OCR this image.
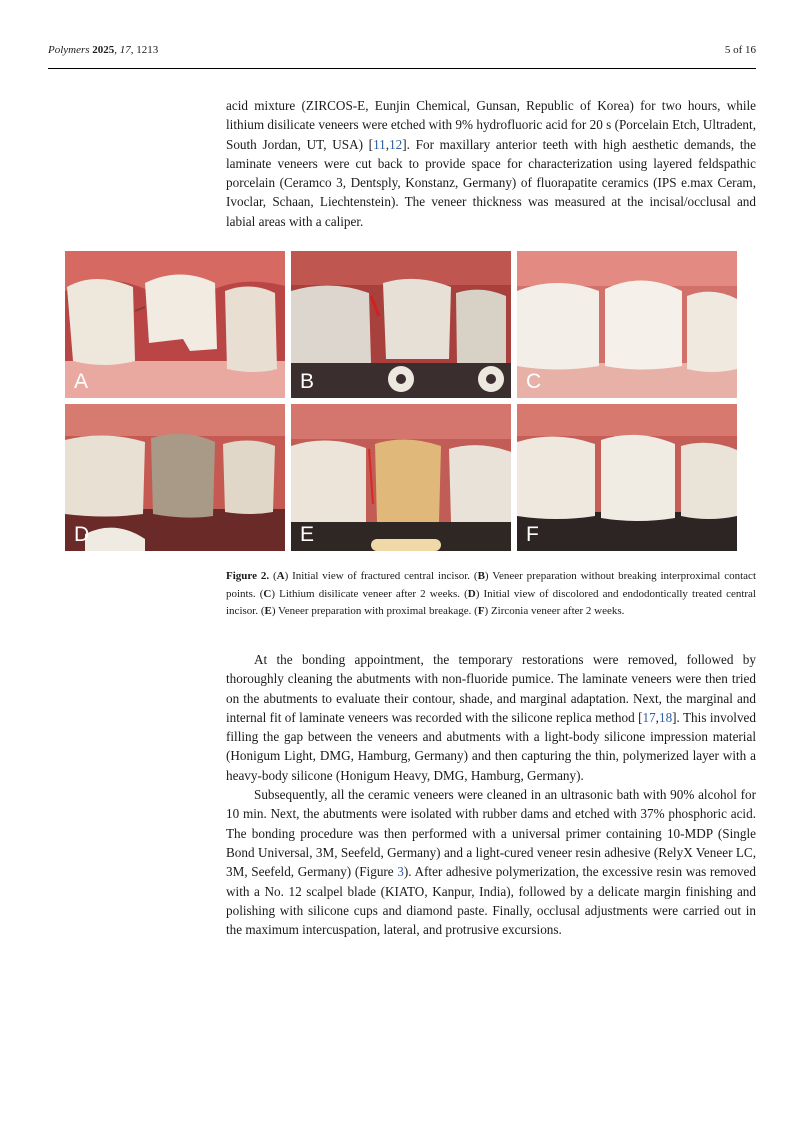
Polymers 2025, 17, 1213	5 of 16

acid mixture (ZIRCOS-E, Eunjin Chemical, Gunsan, Republic of Korea) for two hours, while lithium disilicate veneers were etched with 9% hydrofluoric acid for 20 s (Porcelain Etch, Ultradent, South Jordan, UT, USA) [11,12]. For maxillary anterior teeth with high aesthetic demands, the laminate veneers were cut back to provide space for characterization using layered feldspathic porcelain (Ceramco 3, Dentsply, Konstanz, Germany) of fluorapatite ceramics (IPS e.max Ceram, Ivoclar, Schaan, Liechtenstein). The veneer thickness was measured at the incisal/occlusal and labial areas with a caliper.

A	B	C
D	E	F
Figure 2. (A) Initial view of fractured central incisor. (B) Veneer preparation without breaking interproximal contact points. (C) Lithium disilicate veneer after 2 weeks. (D) Initial view of discolored and endodontically treated central incisor. (E) Veneer preparation with proximal breakage. (F) Zirconia veneer after 2 weeks.

At the bonding appointment, the temporary restorations were removed, followed by thoroughly cleaning the abutments with non-fluoride pumice. The laminate veneers were then tried on the abutments to evaluate their contour, shade, and marginal adaptation. Next, the marginal and internal fit of laminate veneers was recorded with the silicone replica method [17,18]. This involved filling the gap between the veneers and abutments with a light-body silicone impression material (Honigum Light, DMG, Hamburg, Germany) and then capturing the thin, polymerized layer with a heavy-body silicone (Honigum Heavy, DMG, Hamburg, Germany).

Subsequently, all the ceramic veneers were cleaned in an ultrasonic bath with 90% alcohol for 10 min. Next, the abutments were isolated with rubber dams and etched with 37% phosphoric acid. The bonding procedure was then performed with a universal primer containing 10-MDP (Single Bond Universal, 3M, Seefeld, Germany) and a light-cured veneer resin adhesive (RelyX Veneer LC, 3M, Seefeld, Germany) (Figure 3). After adhesive polymerization, the excessive resin was removed with a No. 12 scalpel blade (KIATO, Kanpur, India), followed by a delicate margin finishing and polishing with silicone cups and diamond paste. Finally, occlusal adjustments were carried out in the maximum intercuspation, lateral, and protrusive excursions.
